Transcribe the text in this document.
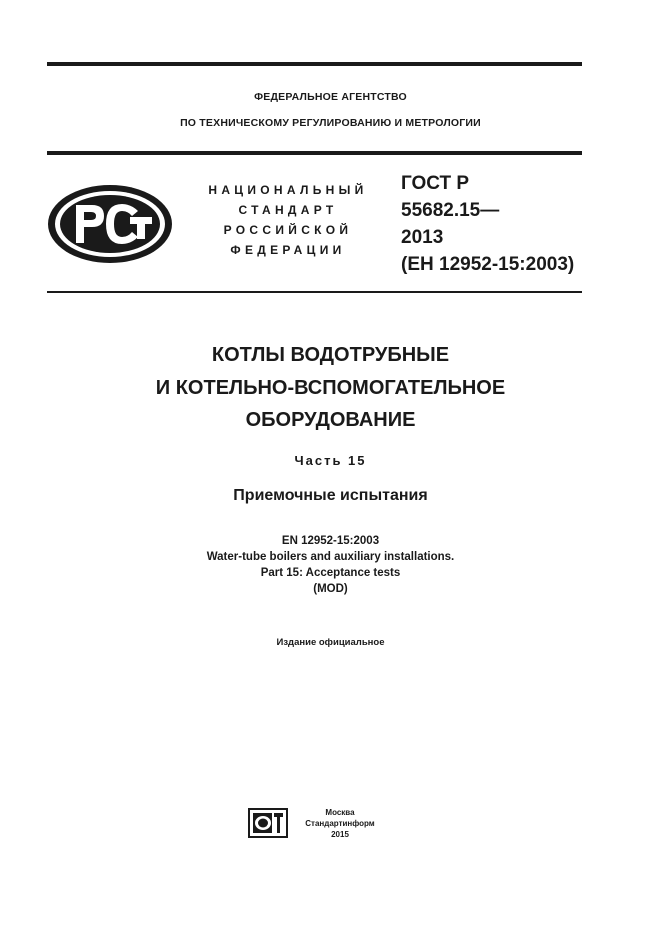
ФЕДЕРАЛЬНОЕ АГЕНТСТВО
ПО ТЕХНИЧЕСКОМУ РЕГУЛИРОВАНИЮ И МЕТРОЛОГИИ
НАЦИОНАЛЬНЫЙ
СТАНДАРТ
РОССИЙСКОЙ
ФЕДЕРАЦИИ
ГОСТ Р
55682.15—
2013
(ЕН 12952-15:2003)
КОТЛЫ ВОДОТРУБНЫЕ
И КОТЕЛЬНО-ВСПОМОГАТЕЛЬНОЕ
ОБОРУДОВАНИЕ
Часть 15
Приемочные испытания
EN 12952-15:2003
Water-tube boilers and auxiliary installations.
Part 15: Acceptance tests
(MOD)
Издание официальное
Москва
Стандартинформ
2015
